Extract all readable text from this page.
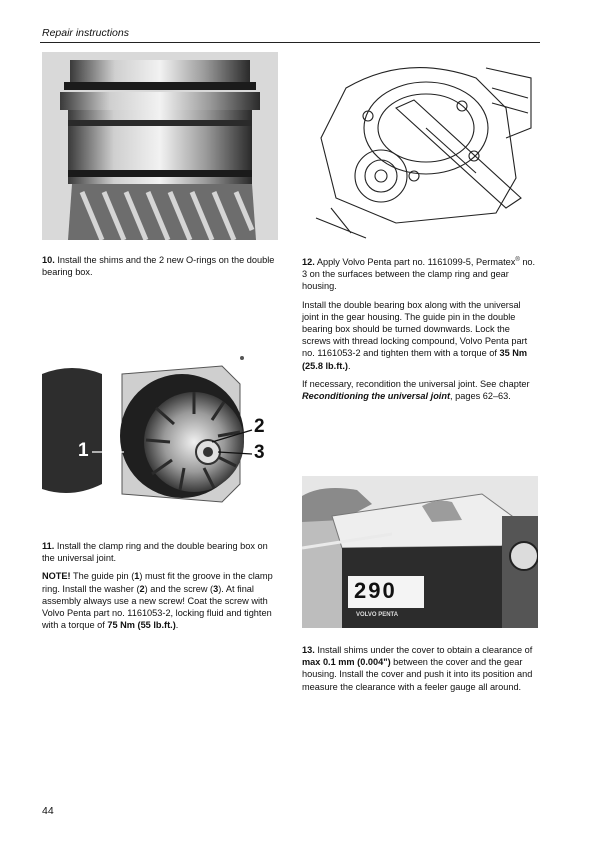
Repair instructions

10. Install the shims and the 2 new O-rings on the double bearing box.

12. Apply Volvo Penta part no. 1161099-5, Permatex® no. 3 on the surfaces between the clamp ring and gear housing.

Install the double bearing box along with the universal joint in the gear housing. The guide pin in the double bearing box should be turned downwards. Lock the screws with thread locking compound, Volvo Penta part no. 1161053-2 and tighten them with a torque of 35 Nm (25.8 lb.ft.).

If necessary, recondition the universal joint. See chapter Reconditioning the universal joint, pages 62–63.

1
2
3

11. Install the clamp ring and the double bearing box on the universal joint.

NOTE! The guide pin (1) must fit the groove in the clamp ring. Install the washer (2) and the screw (3). At final assembly always use a new screw! Coat the screw with Volvo Penta part no. 1161053-2, locking fluid and tighten with a torque of 75 Nm (55 lb.ft.).

290
VOLVO PENTA

13. Install shims under the cover to obtain a clearance of max 0.1 mm (0.004") between the cover and the gear housing. Install the cover and push it into its position and measure the clearance with a feeler gauge all around.

44
